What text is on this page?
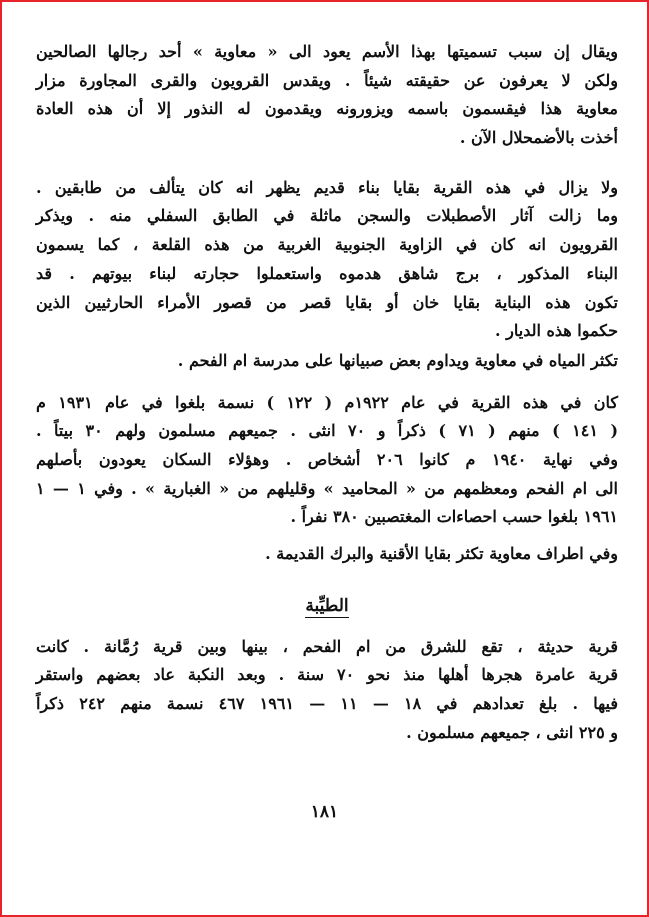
ويقال إن سبب تسميتها بهذا الأسم يعود الى « معاوية » أحد رجالها الصالحين
ولكن لا يعرفون عن حقيقته شيئاً . ويقدس القرويون والقرى المجاورة مزار
معاوية هذا فيقسمون باسمه ويزورونه ويقدمون له النذور إلا أن هذه العادة
أخذت بالأضمحلال الآن .

ولا يزال في هذه القرية بقايا بناء قديم يظهر انه كان يتألف من طابقين .
وما زالت آثار الأصطبلات والسجن ماثلة في الطابق السفلي منه . ويذكر
القرويون انه كان في الزاوية الجنوبية الغربية من هذه القلعة ، كما يسمون
البناء المذكور ، برج شاهق هدموه واستعملوا حجارته لبناء بيوتهم . قد
تكون هذه البناية بقايا خان أو بقايا قصر من قصور الأمراء الحارثيين الذين
حكموا هذه الديار .

تكثر المياه في معاوية ويداوم بعض صبيانها على مدرسة ام الفحم .

كان في هذه القرية في عام ١٩٢٢م ( ١٢٢ ) نسمة بلغوا في عام ١٩٣١ م
( ١٤١ ) منهم ( ٧١ ) ذكراً و ٧٠ انثى . جميعهم مسلمون ولهم ٣٠ بيتاً .
وفي نهاية ١٩٤٠ م كانوا ٢٠٦ أشخاص . وهؤلاء السكان يعودون بأصلهم
الى ام الفحم ومعظمهم من « المحاميد » وقليلهم من « الغبارية » . وفي ١ — ١
١٩٦١ بلغوا حسب احصاءات المغتصبين ٣٨٠ نفراً .

وفي اطراف معاوية تكثر بقايا الأقنية والبرك القديمة .

الطيِّبة

قرية حديثة ، تقع للشرق من ام الفحم ، بينها وبين قرية رُمَّانة . كانت
قرية عامرة هجرها أهلها منذ نحو ٧٠ سنة . وبعد النكبة عاد بعضهم واستقر
فيها . بلغ تعدادهم في ١٨ — ١١ — ١٩٦١ ٤٦٧ نسمة منهم ٢٤٢ ذكراً
و ٢٢٥ انثى ، جميعهم مسلمون .

١٨١
